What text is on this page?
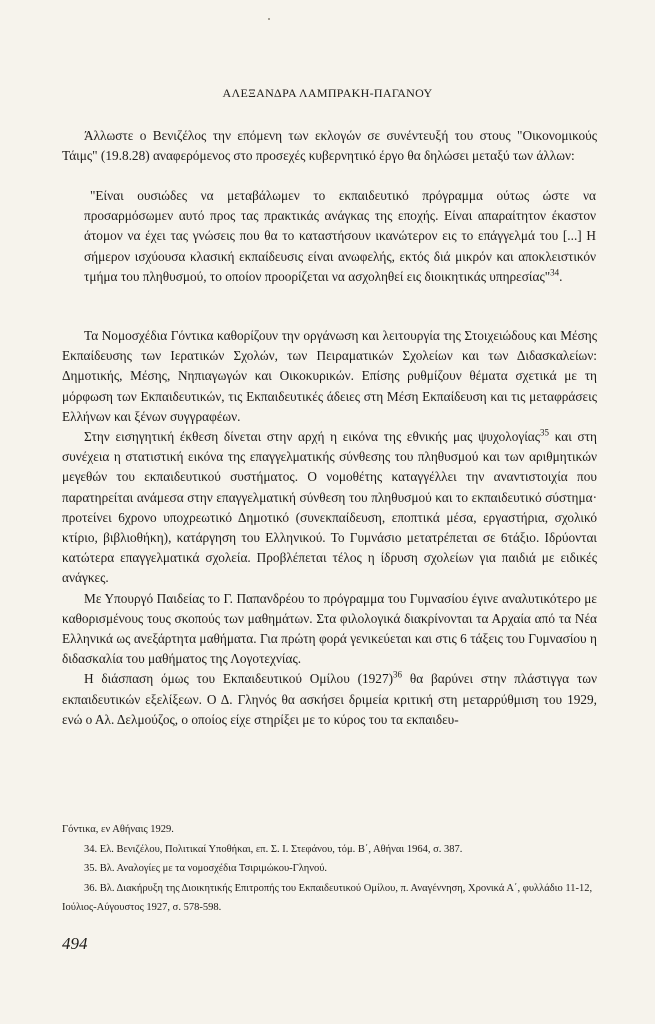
ΑΛΕΞΑΝΔΡΑ ΛΑΜΠΡΑΚΗ-ΠΑΓΑΝΟΥ

Άλλωστε ο Βενιζέλος την επόμενη των εκλογών σε συνέντευξή του στους "Οικονομικούς Τάιμς" (19.8.28) αναφερόμενος στο προσεχές κυβερνητικό έργο θα δηλώσει μεταξύ των άλλων:

"Είναι ουσιώδες να μεταβάλωμεν το εκπαιδευτικό πρόγραμμα ούτως ώστε να προσαρμόσωμεν αυτό προς τας πρακτικάς ανάγκας της εποχής. Είναι απαραίτητον έκαστον άτομον να έχει τας γνώσεις που θα το καταστήσουν ικανώτερον εις το επάγγελμά του [...] Η σήμερον ισχύουσα κλασική εκπαίδευσις είναι ανωφελής, εκτός διά μικρόν και αποκλειστικόν τμήμα του πληθυσμού, το οποίον προορίζεται να ασχοληθεί εις διοικητικάς υπηρεσίας"$^{34}$.

Τα Νομοσχέδια Γόντικα καθορίζουν την οργάνωση και λειτουργία της Στοιχειώδους και Μέσης Εκπαίδευσης των Ιερατικών Σχολών, των Πειραματικών Σχολείων και των Διδασκαλείων: Δημοτικής, Μέσης, Νηπιαγωγών και Οικοκυρικών. Επίσης ρυθμίζουν θέματα σχετικά με τη μόρφωση των Εκπαιδευτικών, τις Εκπαιδευτικές άδειες στη Μέση Εκπαίδευση και τις μεταφράσεις Ελλήνων και ξένων συγγραφέων.

Στην εισηγητική έκθεση δίνεται στην αρχή η εικόνα της εθνικής μας ψυχολογίας$^{35}$ και στη συνέχεια η στατιστική εικόνα της επαγγελματικής σύνθεσης του πληθυσμού και των αριθμητικών μεγεθών του εκπαιδευτικού συστήματος. Ο νομοθέτης καταγγέλλει την αναντιστοιχία που παρατηρείται ανάμεσα στην επαγγελματική σύνθεση του πληθυσμού και το εκπαιδευτικό σύστημα· προτείνει 6χρονο υποχρεωτικό Δημοτικό (συνεκπαίδευση, εποπτικά μέσα, εργαστήρια, σχολικό κτίριο, βιβλιοθήκη), κατάργηση του Ελληνικού. Το Γυμνάσιο μετατρέπεται σε 6τάξιο. Ιδρύονται κατώτερα επαγγελματικά σχολεία. Προβλέπεται τέλος η ίδρυση σχολείων για παιδιά με ειδικές ανάγκες.

Με Υπουργό Παιδείας το Γ. Παπανδρέου το πρόγραμμα του Γυμνασίου έγινε αναλυτικότερο με καθορισμένους τους σκοπούς των μαθημάτων. Στα φιλολογικά διακρίνονται τα Αρχαία από τα Νέα Ελληνικά ως ανεξάρτητα μαθήματα. Για πρώτη φορά γενικεύεται και στις 6 τάξεις του Γυμνασίου η διδασκαλία του μαθήματος της Λογοτεχνίας.

Η διάσπαση όμως του Εκπαιδευτικού Ομίλου $(1927)^{36}$ θα βαρύνει στην πλάστιγγα των εκπαιδευτικών εξελίξεων. Ο Δ. Γληνός θα ασκήσει δριμεία κριτική στη μεταρρύθμιση του 1929, ενώ ο Αλ. Δελμούζος, ο οποίος είχε στηρίξει με το κύρος του τα εκπαιδευ-

Γόντικα, εν Αθήναις 1929.

34. Ελ. Βενιζέλου, Πολιτικαί Υποθήκαι, επ. Σ. Ι. Στεφάνου, τόμ. Β΄, Αθήναι 1964, σ. 387.

35. Βλ. Αναλογίες με τα νομοσχέδια Τσιριμώκου-Γληνού.

36. Βλ. Διακήρυξη της Διοικητικής Επιτροπής του Εκπαιδευτικού Ομίλου, π. Αναγέννηση, Χρονικά Α΄, φυλλάδιο 11-12, Ιούλιος-Αύγουστος 1927, σ. 578-598.

494
